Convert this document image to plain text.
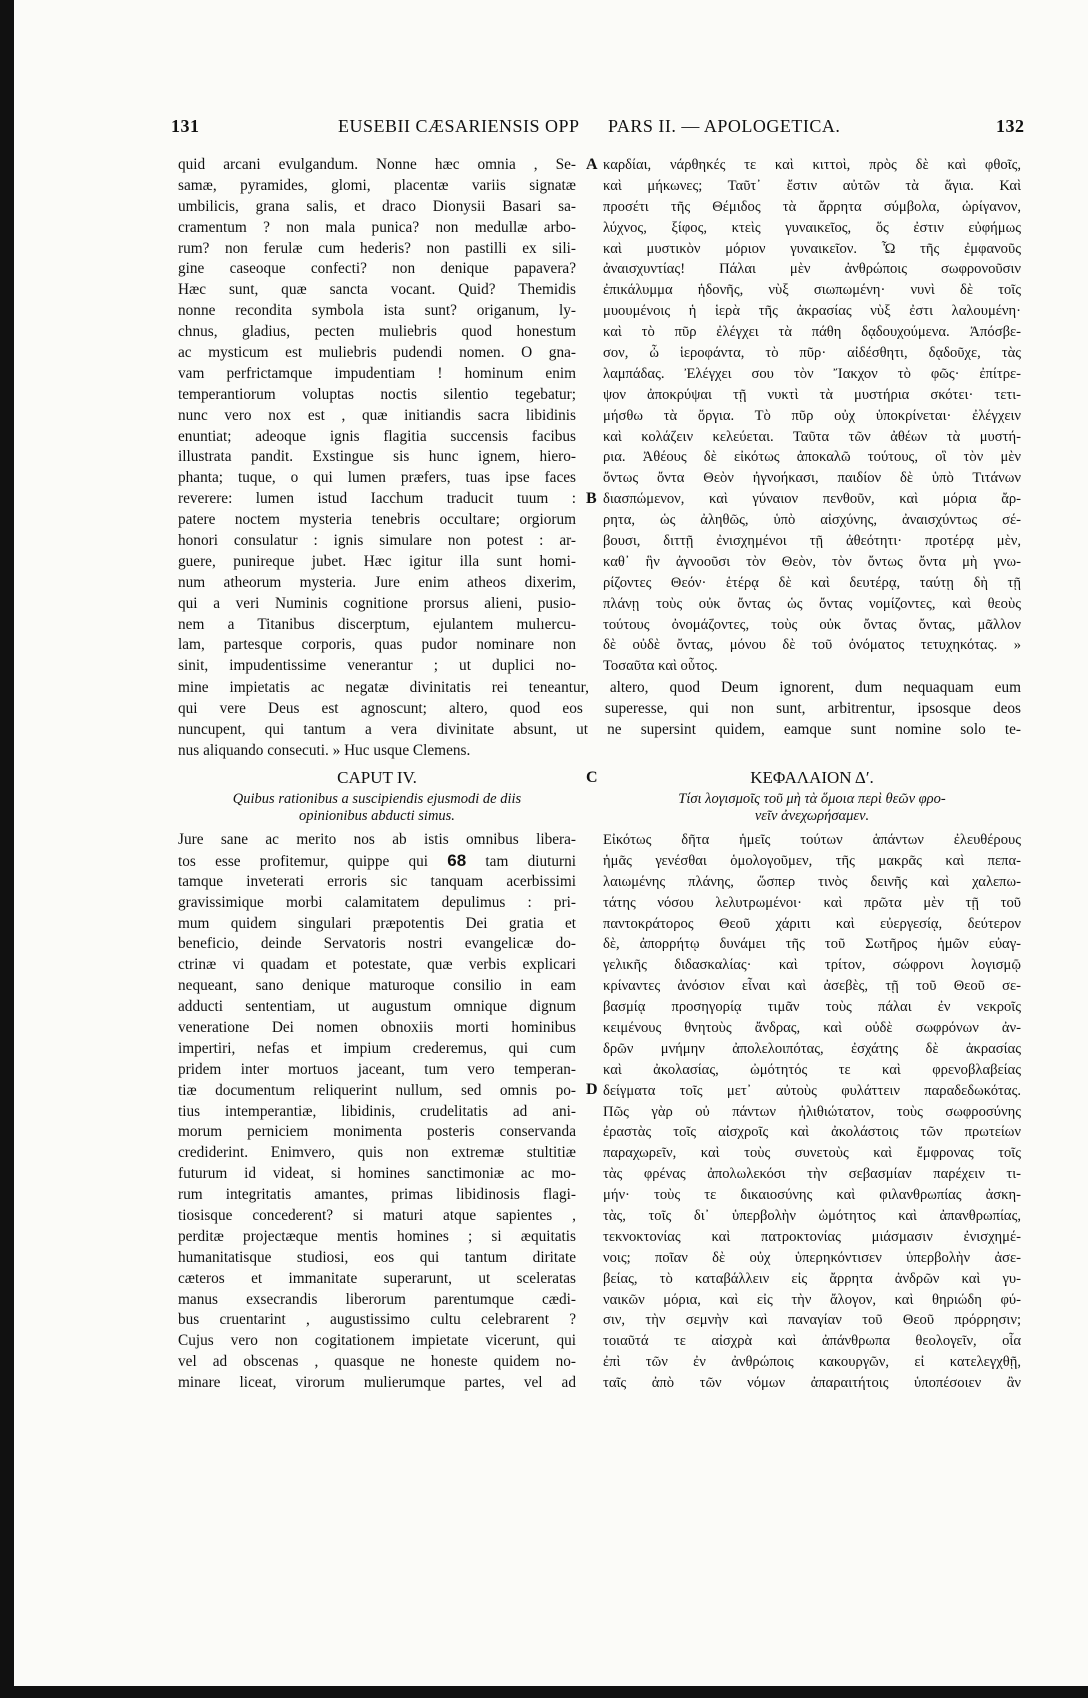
131	EUSEBII CÆSARIENSIS OPP PARS II. — APOLOGETICA.	132
quid arcani evulgandum. Nonne hæc omnia , Se-
samæ, pyramides, glomi, placentæ variis signatæ
umbilicis, grana salis, et draco Dionysii Basari sa-
cramentum ? non mala punica? non medullæ arbo-
rum? non ferulæ cum hederis? non pastilli ex sili-
gine caseoque confecti? non denique papavera?
Hæc sunt, quæ sancta vocant. Quid? Themidis
nonne recondita symbola ista sunt? origanum, ly-
chnus, gladius, pecten muliebris quod honestum
ac mysticum est muliebris pudendi nomen. O gna-
vam perfrictamque impudentiam ! hominum enim
temperantiorum voluptas noctis silentio tegebatur;
nunc vero nox est , quæ initiandis sacra libidinis
enuntiat; adeoque ignis flagitia succensis facibus
illustrata pandit. Exstingue sis hunc ignem, hiero-
phanta; tuque, o qui lumen præfers, tuas ipse faces
reverere: lumen istud Iacchum traducit tuum :
patere noctem mysteria tenebris occultare; orgiorum
honori consulatur : ignis simulare non potest : ar-
guere, punireque jubet. Hæc igitur illa sunt homi-
num atheorum mysteria. Jure enim atheos dixerim,
qui a veri Numinis cognitione prorsus alieni, pusio-
nem a Titanibus discerptum, ejulantem mulıercu-
lam, partesque corporis, quas pudor nominare non
sinit, impudentissime venerantur ; ut duplici no-
καρδίαι, νάρθηκές τε καὶ κιττοὶ, πρὸς δὲ καὶ φθοῖς,
καὶ μήκωνες; Ταῦτ᾽ ἔστιν αὐτῶν τὰ ἅγια. Καὶ
προσέτι τῆς Θέμιδος τὰ ἄρρητα σύμβολα, ὠρίγανον,
λύχνος, ξίφος, κτεὶς γυναικεῖος, ὅς ἐστιν εὐφήμως
καὶ μυστικὸν μόριον γυναικεῖον. Ὦ τῆς ἐμφανοῦς
ἀναισχυντίας! Πάλαι μὲν ἀνθρώποις σωφρονοῦσιν
ἐπικάλυμμα ἡδονῆς, νὺξ σιωπωμένη· νυνὶ δὲ τοῖς
μυουμένοις ἡ ἱερὰ τῆς ἀκρασίας νὺξ ἐστι λαλουμένη·
καὶ τὸ πῦρ ἐλέγχει τὰ πάθη δᾳδουχούμενα. Ἀπόσβε-
σον, ὦ ἱεροφάντα, τὸ πῦρ· αἰδέσθητι, δᾳδοῦχε, τὰς
λαμπάδας. Ἐλέγχει σου τὸν Ἴακχον τὸ φῶς· ἐπίτρε-
ψον ἀποκρύψαι τῇ νυκτὶ τὰ μυστήρια σκότει· τετι-
μήσθω τὰ ὄργια. Τὸ πῦρ οὐχ ὑποκρίνεται· ἐλέγχειν
καὶ κολάζειν κελεύεται. Ταῦτα τῶν ἀθέων τὰ μυστή-
ρια. Ἀθέους δὲ εἰκότως ἀποκαλῶ τούτους, οἳ τὸν μὲν
ὄντως ὄντα Θεὸν ἠγνοήκασι, παιδίον δὲ ὑπὸ Τιτάνων
διασπώμενον, καὶ γύναιον πενθοῦν, καὶ μόρια ἄρ-
ρητα, ὡς ἀληθῶς, ὑπὸ αἰσχύνης, ἀναισχύντως σέ-
βουσι, διττῇ ἐνισχημένοι τῇ ἀθεότητι· προτέρᾳ μὲν,
καθ᾽ ἣν ἀγνοοῦσι τὸν Θεὸν, τὸν ὄντως ὄντα μὴ γνω-
ρίζοντες Θεόν· ἑτέρᾳ δὲ καὶ δευτέρᾳ, ταύτῃ δὴ τῇ
πλάνῃ τοὺς οὐκ ὄντας ὡς ὄντας νομίζοντες, καὶ θεοὺς
τούτους ὀνομάζοντες, τοὺς οὐκ ὄντας ὄντας, μᾶλλον
δὲ οὐδὲ ὄντας, μόνου δὲ τοῦ ὀνόματος τετυχηκότας. »
Τοσαῦτα καὶ οὗτος.
A
B
mine impietatis ac negatæ divinitatis rei teneantur, altero, quod Deum ignorent, dum nequaquam eum
qui vere Deus est agnoscunt; altero, quod eos superesse, qui non sunt, arbitrentur, ipsosque deos
nuncupent, qui tantum a vera divinitate absunt, ut ne supersint quidem, eamque sunt nomine solo te-
nus aliquando consecuti. » Huc usque Clemens.
CAPUT IV.	C	ΚΕΦΑΛΑΙΟΝ Δʹ.
Quibus rationibus a suscipiendis ejusmodi de diis
opinionibus abducti simus.
Τίσι λογισμοῖς τοῦ μὴ τὰ ὅμοια περὶ θεῶν φρο-
νεῖν ἀνεχωρήσαμεν.
Jure sane ac merito nos ab istis omnibus libera-
tos esse profitemur, quippe qui 68 tam diuturni
tamque inveterati erroris sic tanquam acerbissimi
gravissimique morbi calamitatem depulimus : pri-
mum quidem singulari præpotentis Dei gratia et
beneficio, deinde Servatoris nostri evangelicæ do-
ctrinæ vi quadam et potestate, quæ verbis explicari
nequeant, sano denique maturoque consilio in eam
adducti sententiam, ut augustum omnique dignum
veneratione Dei nomen obnoxiis morti hominibus
impertiri, nefas et impium crederemus, qui cum
pridem inter mortuos jaceant, tum vero temperan-
tiæ documentum reliquerint nullum, sed omnis po-
tius intemperantiæ, libidinis, crudelitatis ad ani-
morum perniciem monimenta posteris conservanda
crediderint. Enimvero, quis non extremæ stultitiæ
futurum id videat, si homines sanctimoniæ ac mo-
rum integritatis amantes, primas libidinosis flagi-
tiosisque concederent? si maturi atque sapientes ,
perditæ projectæque mentis homines ; si æquitatis
humanitatisque studiosi, eos qui tantum diritate
cæteros et immanitate superarunt, ut sceleratas
manus exsecrandis liberorum parentumque cædi-
bus cruentarint , augustissimo cultu celebrarent ?
Cujus vero non cogitationem impietate vicerunt, qui
vel ad obscenas , quasque ne honeste quidem no-
minare liceat, virorum mulierumque partes, vel ad
Εἰκότως δῆτα ἡμεῖς τούτων ἁπάντων ἐλευθέρους
ἡμᾶς γενέσθαι ὁμολογοῦμεν, τῆς μακρᾶς καὶ πεπα-
λαιωμένης πλάνης, ὥσπερ τινὸς δεινῆς καὶ χαλεπω-
τάτης νόσου λελυτρωμένοι· καὶ πρῶτα μὲν τῇ τοῦ
παντοκράτορος Θεοῦ χάριτι καὶ εὐεργεσίᾳ, δεύτερον
δὲ, ἀπορρήτῳ δυνάμει τῆς τοῦ Σωτῆρος ἡμῶν εὐαγ-
γελικῆς διδασκαλίας· καὶ τρίτον, σώφρονι λογισμῷ
κρίναντες ἀνόσιον εἶναι καὶ ἀσεβὲς, τῇ τοῦ Θεοῦ σε-
βασμίᾳ προσηγορίᾳ τιμᾶν τοὺς πάλαι ἐν νεκροῖς
κειμένους θνητοὺς ἄνδρας, καὶ οὐδὲ σωφρόνων ἀν-
δρῶν μνήμην ἀπολελοιπότας, ἐσχάτης δὲ ἀκρασίας
καὶ ἀκολασίας, ὠμότητός τε καὶ φρενοβλαβείας
δείγματα τοῖς μετ᾽ αὐτοὺς φυλάττειν παραδεδωκότας.
Πῶς γὰρ οὐ πάντων ἠλιθιώτατον, τοὺς σωφροσύνης
ἐραστὰς τοῖς αἰσχροῖς καὶ ἀκολάστοις τῶν πρωτείων
παραχωρεῖν, καὶ τοὺς συνετοὺς καὶ ἔμφρονας τοῖς
τὰς φρένας ἀπολωλεκόσι τὴν σεβασμίαν παρέχειν τι-
μήν· τοὺς τε δικαιοσύνης καὶ φιλανθρωπίας ἀσκη-
τὰς, τοῖς δι᾽ ὑπερβολὴν ὠμότητος καὶ ἀπανθρωπίας,
τεκνοκτονίας καὶ πατροκτονίας μιάσμασιν ἐνισχημέ-
νοις; ποῖαν δὲ οὐχ ὑπερηκόντισεν ὑπερβολὴν ἀσε-
βείας, τὸ καταβάλλειν εἰς ἄρρητα ἀνδρῶν καὶ γυ-
ναικῶν μόρια, καὶ εἰς τὴν ἄλογον, καὶ θηριώδη φύ-
σιν, τὴν σεμνὴν καὶ παναγίαν τοῦ Θεοῦ πρόρρησιν;
τοιαῦτά τε αἰσχρὰ καὶ ἀπάνθρωπα θεολογεῖν, οἷα
ἐπὶ τῶν ἐν ἀνθρώποις κακουργῶν, εἰ κατελεγχθῇ,
ταῖς ἀπὸ τῶν νόμων ἀπαραιτήτοις ὑποπέσοιεν ἂν
D
